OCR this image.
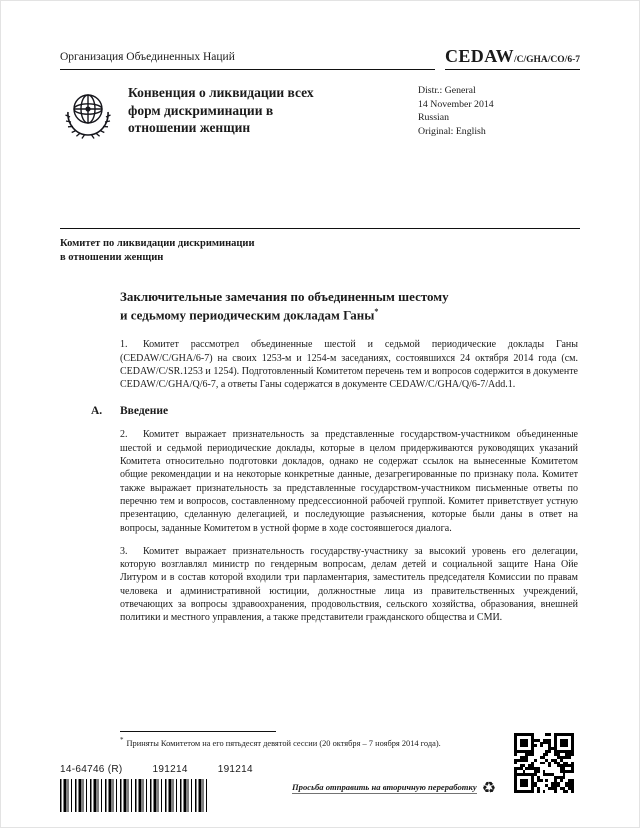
Организация Объединенных Наций	CEDAW/C/GHA/CO/6-7
Конвенция о ликвидации всех
форм дискриминации в
отношении женщин
Distr.: General
14 November 2014
Russian
Original: English
Комитет по ликвидации дискриминации
в отношении женщин
Заключительные замечания по объединенным шестому
и седьмому периодическим докладам Ганы*

1. Комитет рассмотрел объединенные шестой и седьмой периодические доклады Ганы (CEDAW/C/GHA/6-7) на своих 1253-м и 1254-м заседаниях, состоявшихся 24 октября 2014 года (см. CEDAW/C/SR.1253 и 1254). Подготовленный Комитетом перечень тем и вопросов содержится в документе CEDAW/C/GHA/Q/6-7, а ответы Ганы содержатся в документе CEDAW/C/GHA/Q/6-7/Add.1.

A.	Введение

2. Комитет выражает признательность за представленные государством-участником объединенные шестой и седьмой периодические доклады, которые в целом придерживаются руководящих указаний Комитета относительно подготовки докладов, однако не содержат ссылок на вынесенные Комитетом общие рекомендации и на некоторые конкретные данные, дезагрегированные по признаку пола. Комитет также выражает признательность за представленные государством-участником письменные ответы по перечню тем и вопросов, составленному предсессионной рабочей группой. Комитет приветствует устную презентацию, сделанную делегацией, и последующие разъяснения, которые были даны в ответ на вопросы, заданные Комитетом в устной форме в ходе состоявшегося диалога.

3. Комитет выражает признательность государству-участнику за высокий уровень его делегации, которую возглавлял министр по гендерным вопросам, делам детей и социальной защите Нана Ойе Литуром и в состав которой входили три парламентария, заместитель председателя Комиссии по правам человека и административной юстиции, должностные лица из правительственных учреждений, отвечающих за вопросы здравоохранения, продовольствия, сельского хозяйства, образования, внешней политики и местного управления, а также представители гражданского общества и СМИ.

* Приняты Комитетом на его пятьдесят девятой сессии (20 октября – 7 ноября 2014 года).
14-64746 (R)	191214	191214
Просьба отправить на вторичную переработку ♻
